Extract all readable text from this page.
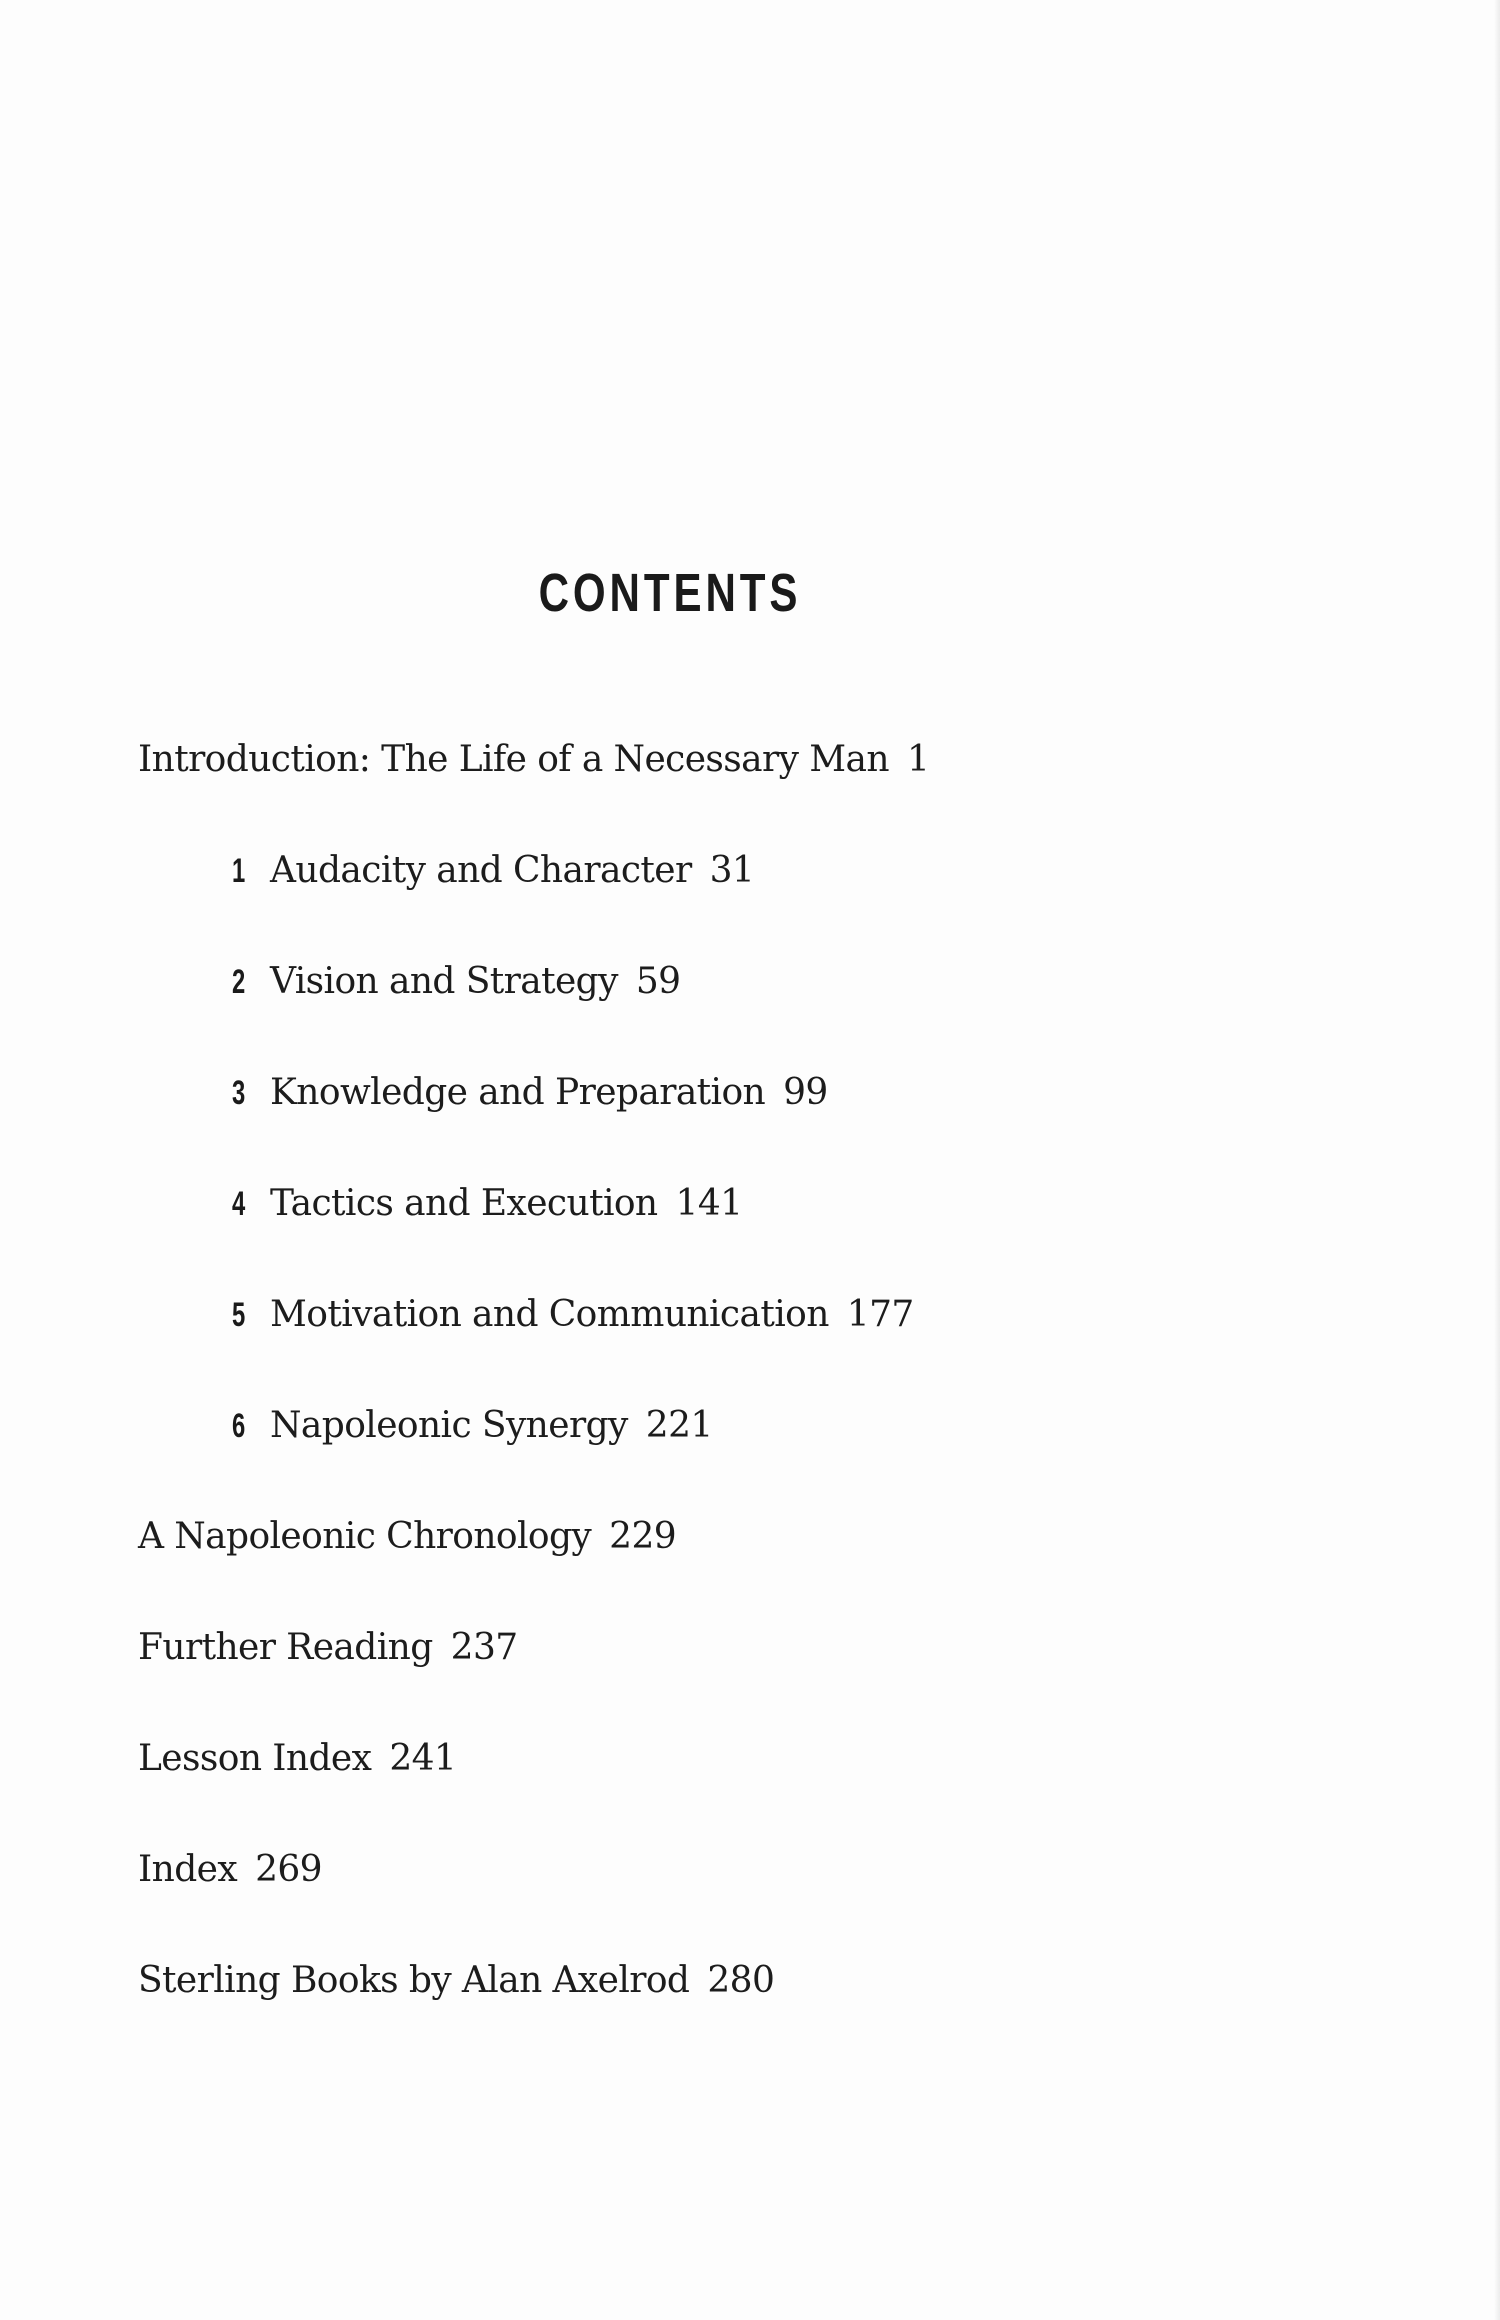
CONTENTS
Introduction: The Life of a Necessary Man 1
1 Audacity and Character 31
2 Vision and Strategy 59
3 Knowledge and Preparation 99
4 Tactics and Execution 141
5 Motivation and Communication 177
6 Napoleonic Synergy 221
A Napoleonic Chronology 229
Further Reading 237
Lesson Index 241
Index 269
Sterling Books by Alan Axelrod 280
